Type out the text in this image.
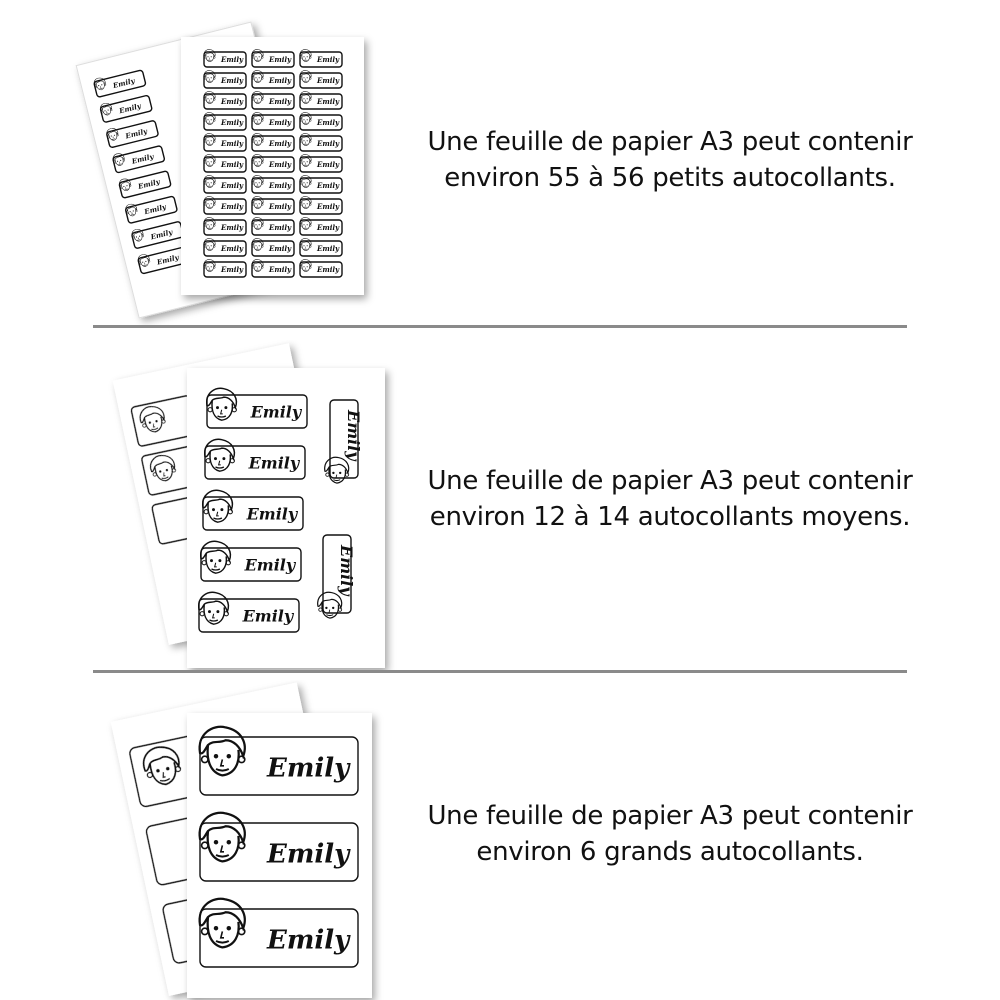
Emily
Emily
Emily
Emily
Emily
Emily
Emily
Emily
Emily	Emily	Emily
Emily	Emily	Emily
Emily	Emily	Emily
Emily	Emily	Emily
Emily	Emily	Emily
Emily	Emily	Emily
Emily	Emily	Emily
Emily	Emily	Emily
Emily	Emily	Emily
Emily	Emily	Emily
Emily	Emily	Emily
Une feuille de papier A3 peut contenir
environ 55 à 56 petits autocollants.
Emily
Emily
Emily
Emily
Emily
Emily
Emily
Une feuille de papier A3 peut contenir
environ 12 à 14 autocollants moyens.
Emily
Emily
Emily
Une feuille de papier A3 peut contenir
environ 6 grands autocollants.
